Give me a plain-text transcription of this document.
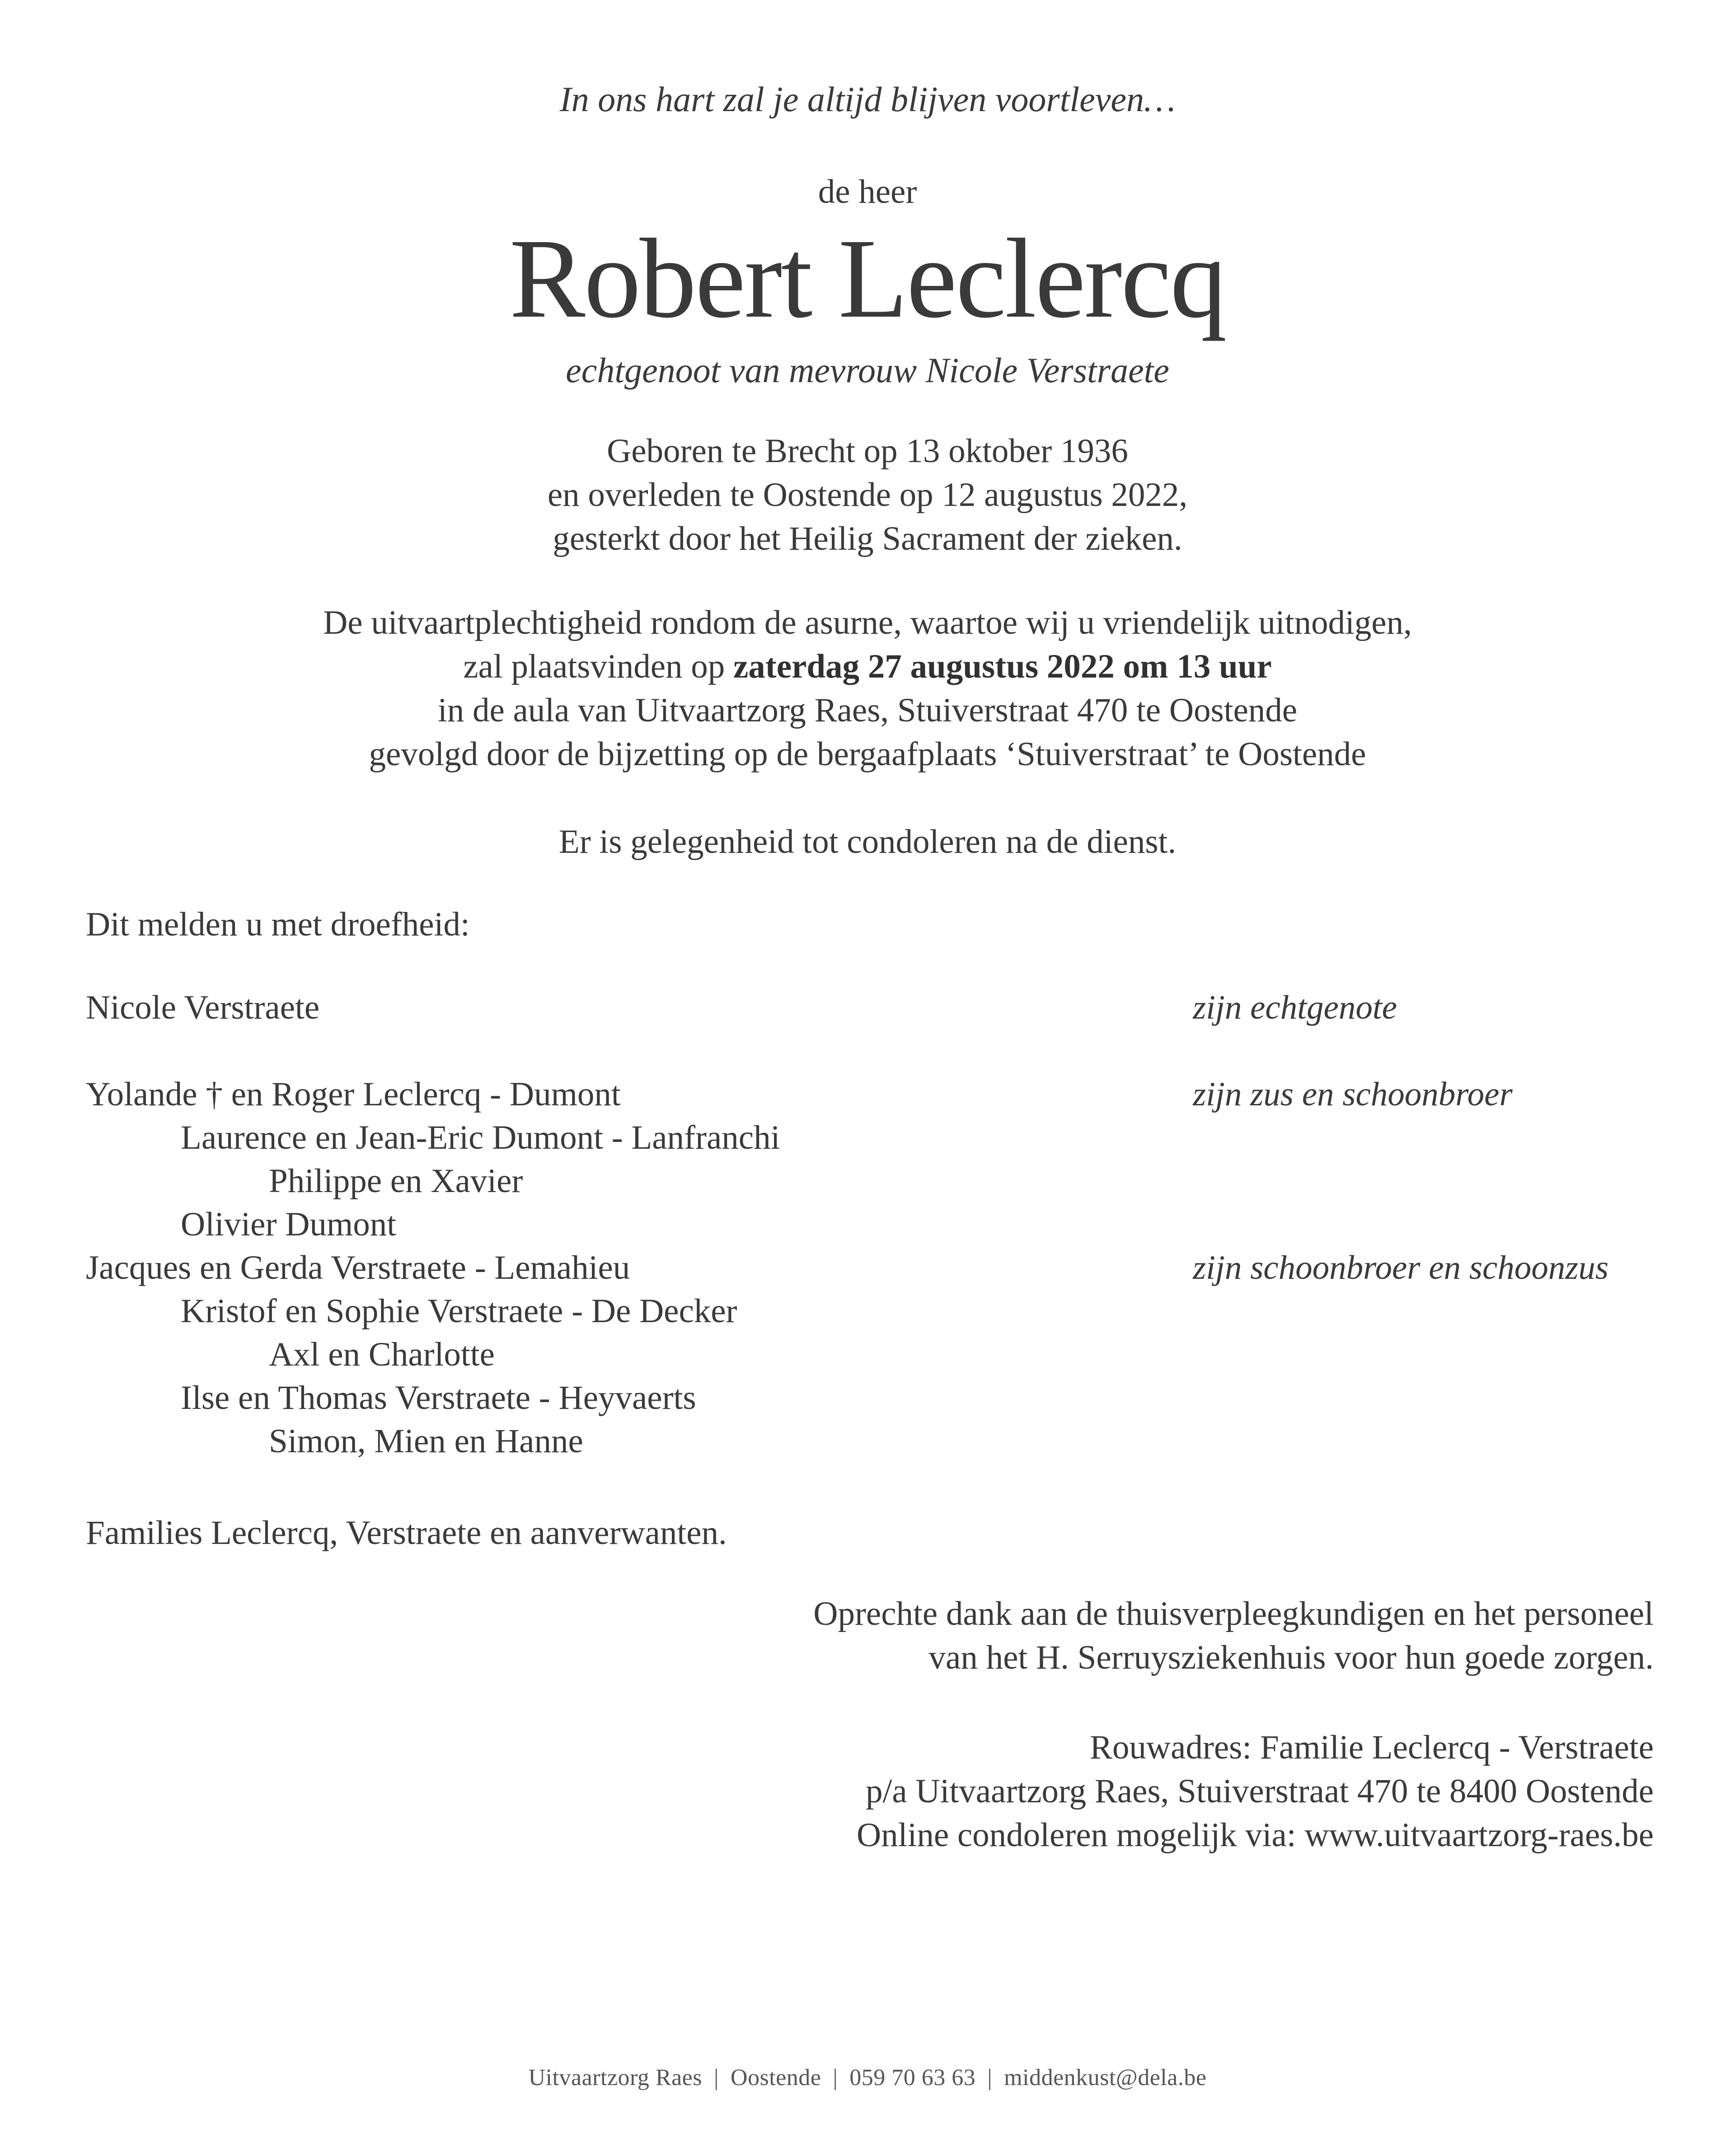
In ons hart zal je altijd blijven voortleven…
de heer
Robert Leclercq
echtgenoot van mevrouw Nicole Verstraete
Geboren te Brecht op 13 oktober 1936
en overleden te Oostende op 12 augustus 2022,
gesterkt door het Heilig Sacrament der zieken.
De uitvaartplechtigheid rondom de asurne, waartoe wij u vriendelijk uitnodigen,
zal plaatsvinden op zaterdag 27 augustus 2022 om 13 uur
in de aula van Uitvaartzorg Raes, Stuiverstraat 470 te Oostende
gevolgd door de bijzetting op de bergaafplaats ‘Stuiverstraat’ te Oostende
Er is gelegenheid tot condoleren na de dienst.
Dit melden u met droefheid:
Nicole Verstraete	zijn echtgenote
Yolande † en Roger Leclercq - Dumont	zijn zus en schoonbroer
Laurence en Jean-Eric Dumont - Lanfranchi
Philippe en Xavier
Olivier Dumont
Jacques en Gerda Verstraete - Lemahieu	zijn schoonbroer en schoonzus
Kristof en Sophie Verstraete - De Decker
Axl en Charlotte
Ilse en Thomas Verstraete - Heyvaerts
Simon, Mien en Hanne
Families Leclercq, Verstraete en aanverwanten.
Oprechte dank aan de thuisverpleegkundigen en het personeel
van het H. Serruysziekenhuis voor hun goede zorgen.
Rouwadres: Familie Leclercq - Verstraete
p/a Uitvaartzorg Raes, Stuiverstraat 470 te 8400 Oostende
Online condoleren mogelijk via: www.uitvaartzorg-raes.be
Uitvaartzorg Raes | Oostende | 059 70 63 63 | middenkust@dela.be
